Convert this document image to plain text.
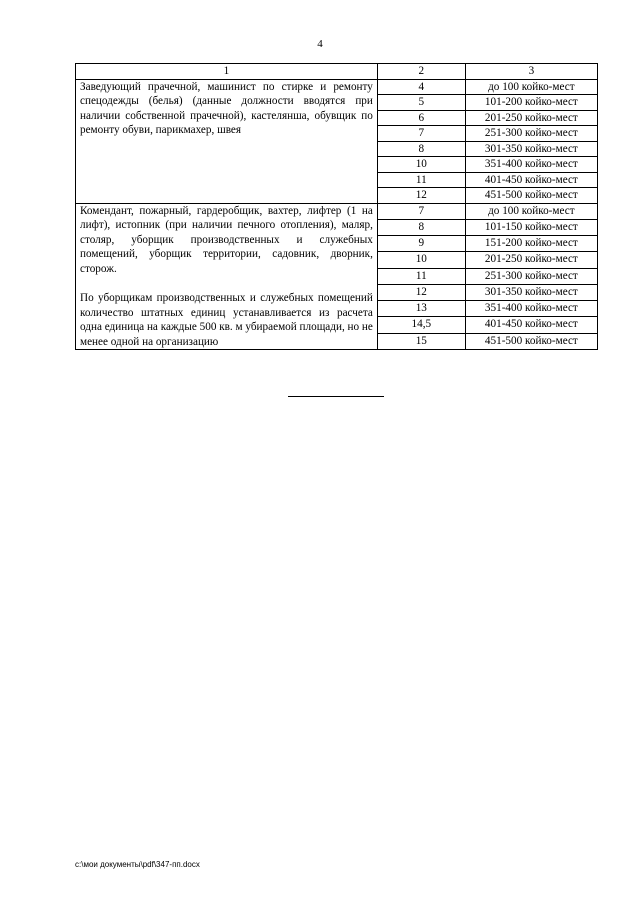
4
1	2	3

Заведующий прачечной, машинист по стирке и ремонту спецодежды (белья) (данные должности вводятся при наличии собственной прачечной), кастелянша, обувщик по ремонту обуви, парикмахер, швея	4	до 100 койко-мест
	5	101-200 койко-мест
	6	201-250 койко-мест
	7	251-300 койко-мест
	8	301-350 койко-мест
	10	351-400 койко-мест
	11	401-450 койко-мест
	12	451-500 койко-мест

Комендант, пожарный, гардеробщик, вахтер, лифтер (1 на лифт), истопник (при наличии печного отопления), маляр, столяр, уборщик производственных и служебных помещений, уборщик территории, садовник, дворник, сторож.

По уборщикам производственных и служебных помещений количество штатных единиц устанавливается из расчета одна единица на каждые 500 кв. м убираемой площади, но не менее одной на организацию	7	до 100 койко-мест
	8	101-150 койко-мест
	9	151-200 койко-мест
	10	201-250 койко-мест
	11	251-300 койко-мест
	12	301-350 койко-мест
	13	351-400 койко-мест
	14,5	401-450 койко-мест
	15	451-500 койко-мест
c:\мои документы\pdf\347-пп.docx
